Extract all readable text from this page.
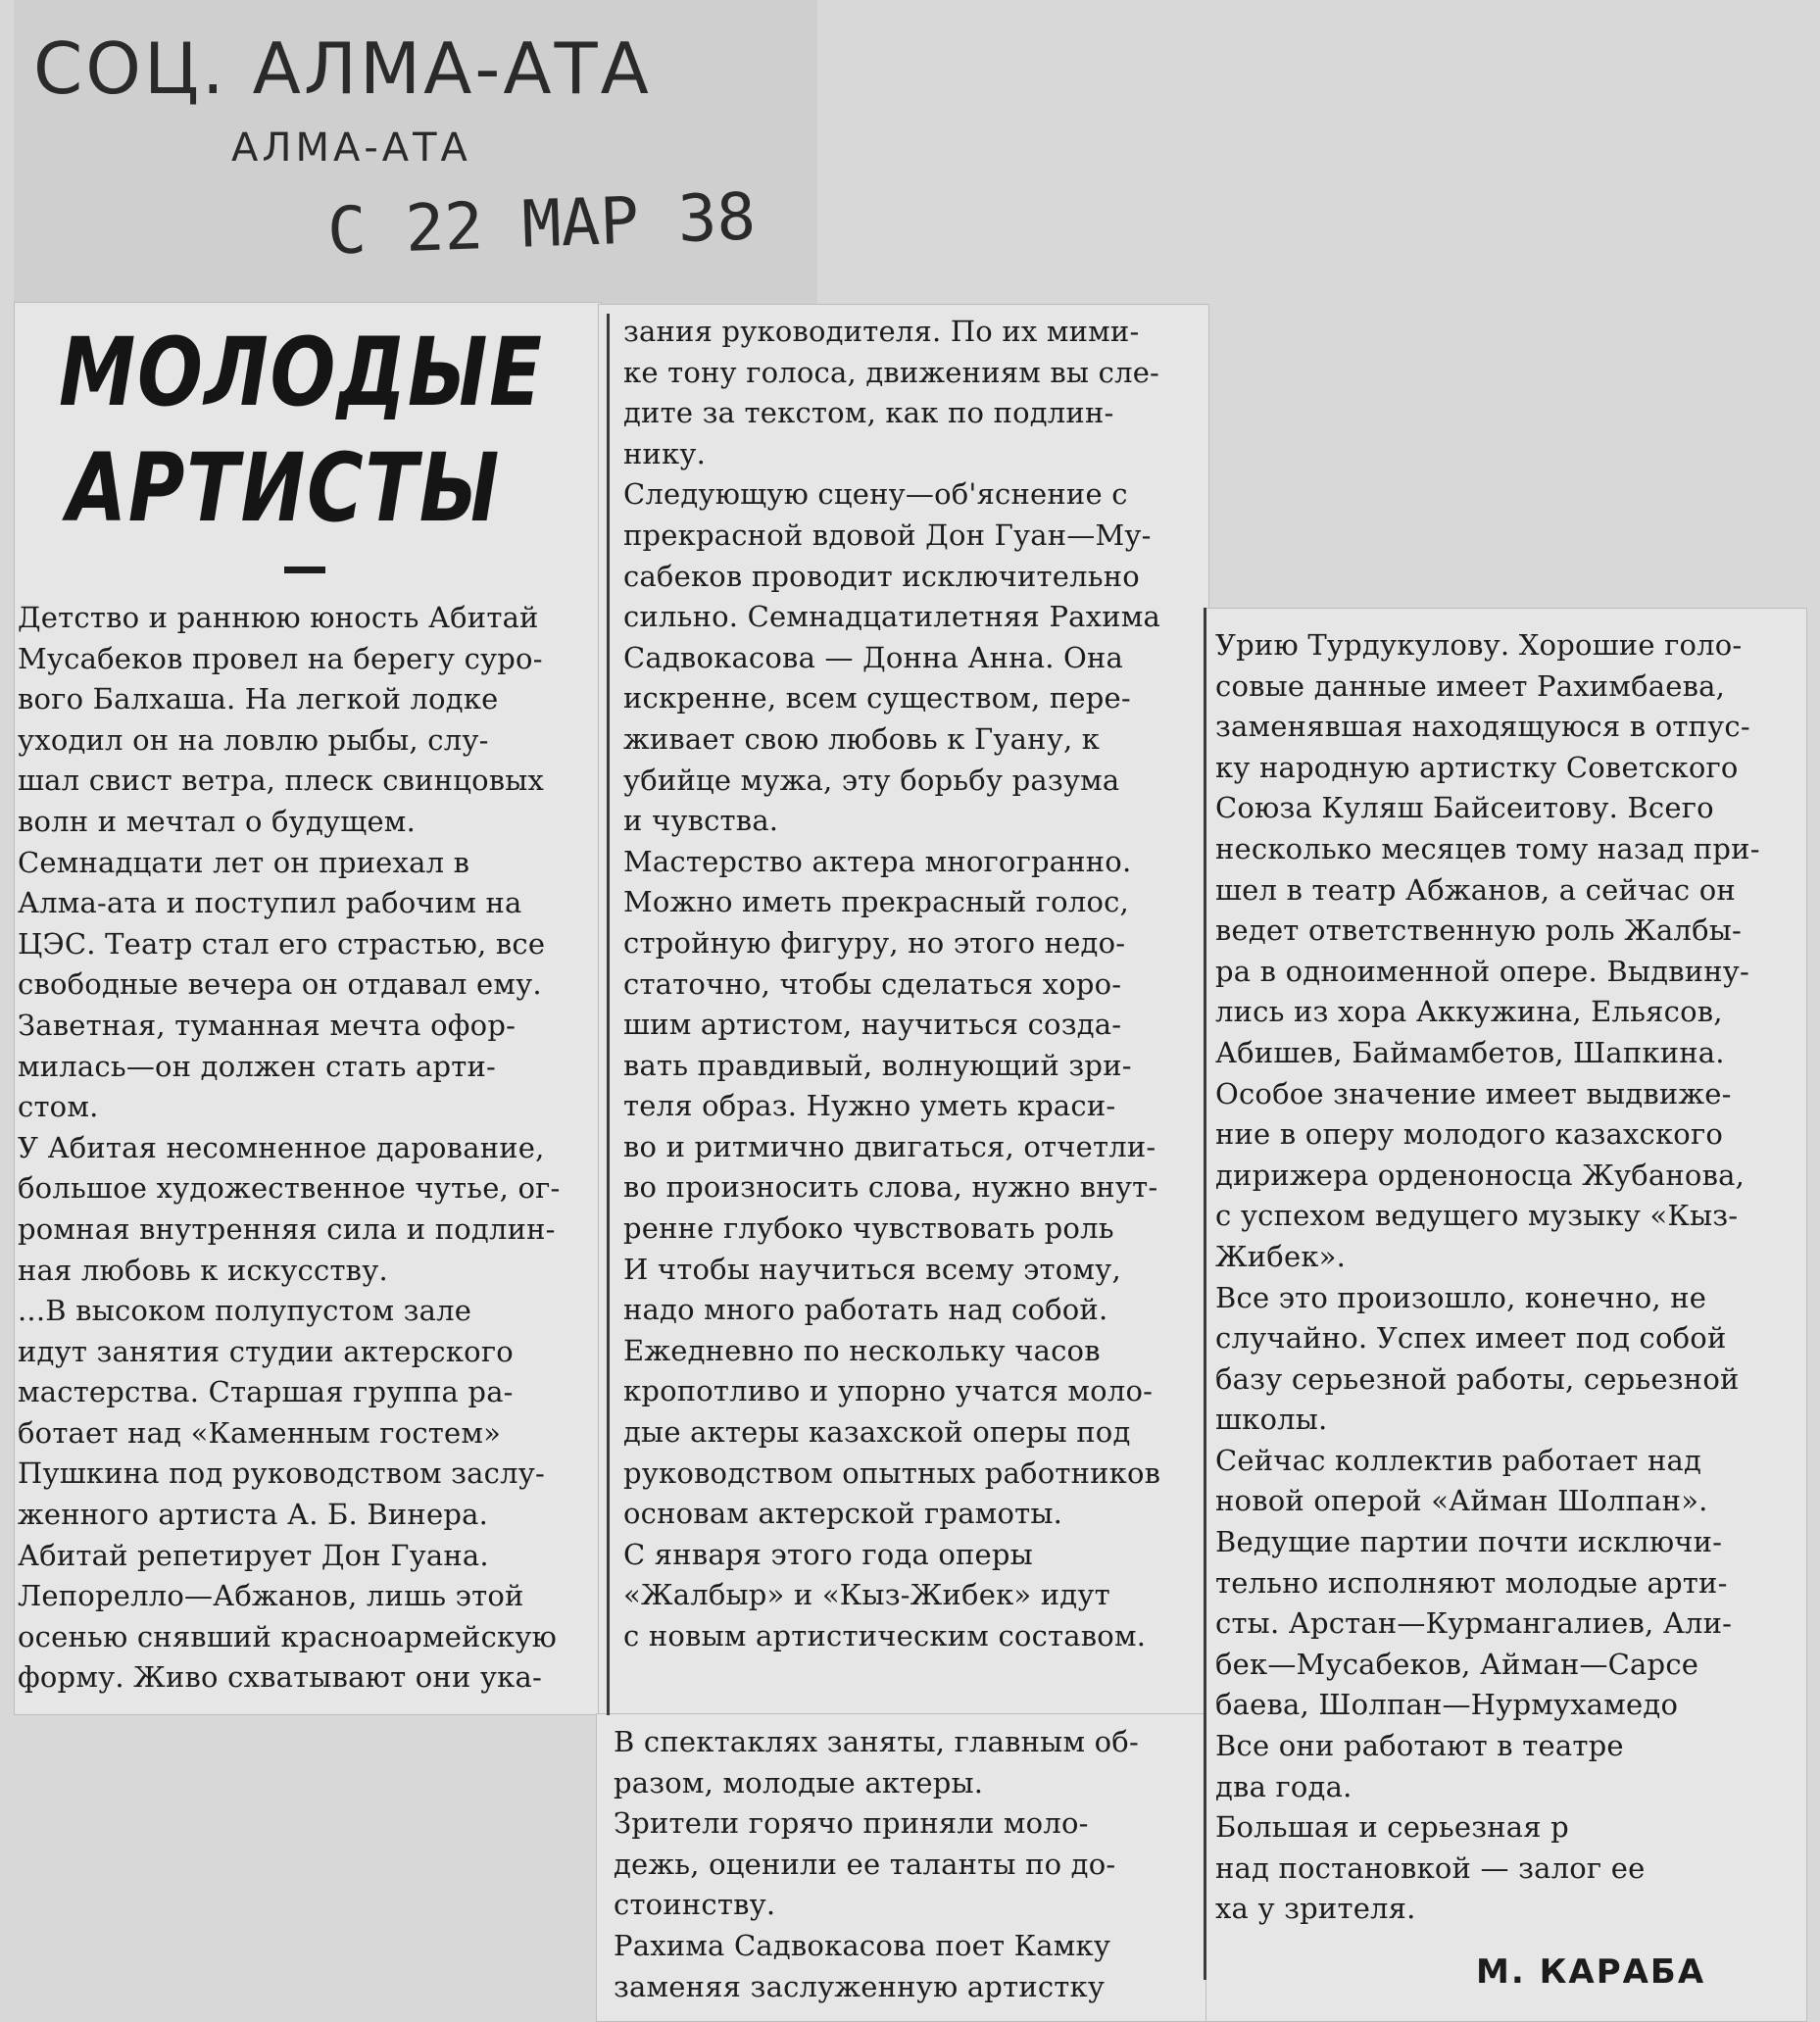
СОЦ. АЛМА-АТА
АЛМА-АТА
С 22 МАР 38
МОЛОДЫЕ
АРТИСТЫ

Детство и раннюю юность Абитай

Мусабеков провел на берегу суро-

вого Балхаша. На легкой лодке

уходил он на ловлю рыбы, слу-

шал свист ветра, плеск свинцовых

волн и мечтал о будущем.

Семнадцати лет он приехал в

Алма-ата и поступил рабочим на

ЦЭС. Театр стал его страстью, все

свободные вечера он отдавал ему.

Заветная, туманная мечта офор-

милась—он должен стать арти-

стом.

У Абитая несомненное дарование,

большое художественное чутье, ог-

ромная внутренняя сила и подлин-

ная любовь к искусству.

...В высоком полупустом зале

идут занятия студии актерского

мастерства. Старшая группа ра-

ботает над «Каменным гостем»

Пушкина под руководством заслу-

женного артиста А. Б. Винера.

Абитай репетирует Дон Гуана.

Лепорелло—Абжанов, лишь этой

осенью снявший красноармейскую

форму. Живо схватывают они ука-

зания руководителя. По их мими-

ке тону голоса, движениям вы сле-

дите за текстом, как по подлин-

нику.

Следующую сцену—об'яснение с

прекрасной вдовой Дон Гуан—Му-

сабеков проводит исключительно

сильно. Семнадцатилетняя Рахима

Садвокасова — Донна Анна. Она

искренне, всем существом, пере-

живает свою любовь к Гуану, к

убийце мужа, эту борьбу разума

и чувства.

Мастерство актера многогранно.

Можно иметь прекрасный голос,

стройную фигуру, но этого недо-

статочно, чтобы сделаться хоро-

шим артистом, научиться созда-

вать правдивый, волнующий зри-

теля образ. Нужно уметь краси-

во и ритмично двигаться, отчетли-

во произносить слова, нужно внут-

ренне глубоко чувствовать роль

И чтобы научиться всему этому,

надо много работать над собой.

Ежедневно по нескольку часов

кропотливо и упорно учатся моло-

дые актеры казахской оперы под

руководством опытных работников

основам актерской грамоты.

С января этого года оперы

«Жалбыр» и «Кыз-Жибек» идут

с новым артистическим составом.

В спектаклях заняты, главным об-

разом, молодые актеры.

Зрители горячо приняли моло-

дежь, оценили ее таланты по до-

стоинству.

Рахима Садвокасова поет Камку

заменяя заслуженную артистку

Урию Турдукулову. Хорошие голо-

совые данные имеет Рахимбаева,

заменявшая находящуюся в отпус-

ку народную артистку Советского

Союза Куляш Байсеитову. Всего

несколько месяцев тому назад при-

шел в театр Абжанов, а сейчас он

ведет ответственную роль Жалбы-

ра в одноименной опере. Выдвину-

лись из хора Аккужина, Ельясов,

Абишев, Баймамбетов, Шапкина.

Особое значение имеет выдвиже-

ние в оперу молодого казахского

дирижера орденоносца Жубанова,

с успехом ведущего музыку «Кыз-

Жибек».

Все это произошло, конечно, не

случайно. Успех имеет под собой

базу серьезной работы, серьезной

школы.

Сейчас коллектив работает над

новой оперой «Айман Шолпан».

Ведущие партии почти исключи-

тельно исполняют молодые арти-

сты. Арстан—Курмангалиев, Али-

бек—Мусабеков, Айман—Сарсе

баева, Шолпан—Нурмухамедо

Все они работают в театре

два года.

Большая и серьезная р

над постановкой — залог ее

ха у зрителя.

М. КАРАБА
